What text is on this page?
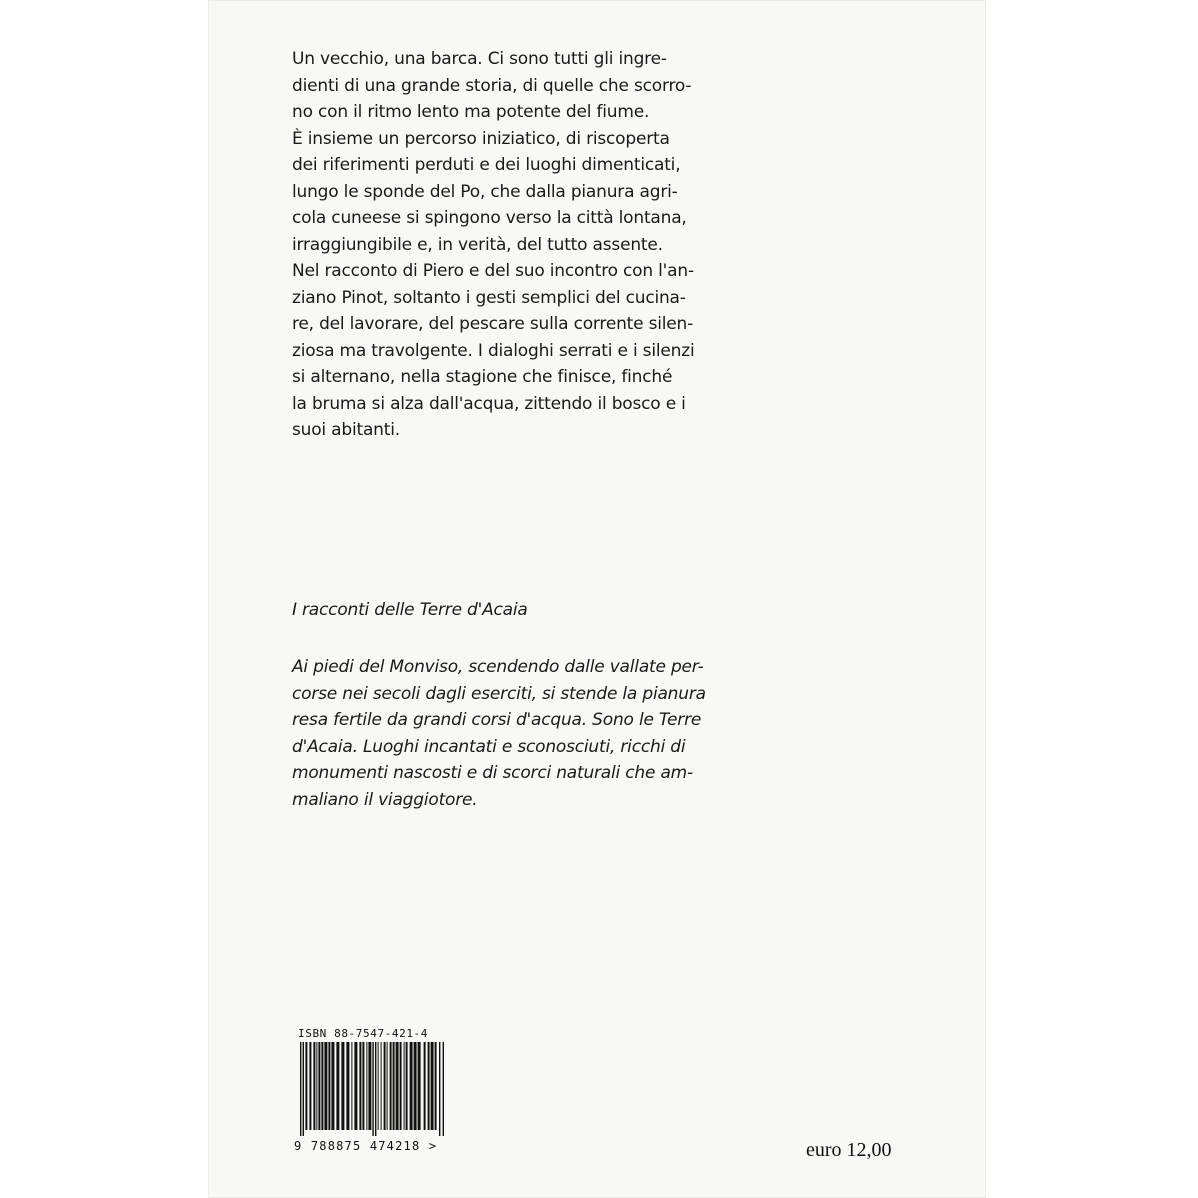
Un vecchio, una barca. Ci sono tutti gli ingre-
dienti di una grande storia, di quelle che scorro-
no con il ritmo lento ma potente del fiume.
È insieme un percorso iniziatico, di riscoperta
dei riferimenti perduti e dei luoghi dimenticati,
lungo le sponde del Po, che dalla pianura agri-
cola cuneese si spingono verso la città lontana,
irraggiungibile e, in verità, del tutto assente.
Nel racconto di Piero e del suo incontro con l'an-
ziano Pinot, soltanto i gesti semplici del cucina-
re, del lavorare, del pescare sulla corrente silen-
ziosa ma travolgente. I dialoghi serrati e i silenzi
si alternano, nella stagione che finisce, finché
la bruma si alza dall'acqua, zittendo il bosco e i
suoi abitanti.
I racconti delle Terre d'Acaia
Ai piedi del Monviso, scendendo dalle vallate per-
corse nei secoli dagli eserciti, si stende la pianura
resa fertile da grandi corsi d'acqua. Sono le Terre
d'Acaia. Luoghi incantati e sconosciuti, ricchi di
monumenti nascosti e di scorci naturali che am-
maliano il viaggiotore.
ISBN 88-7547-421-4
9 788875 474218 >	euro 12,00
